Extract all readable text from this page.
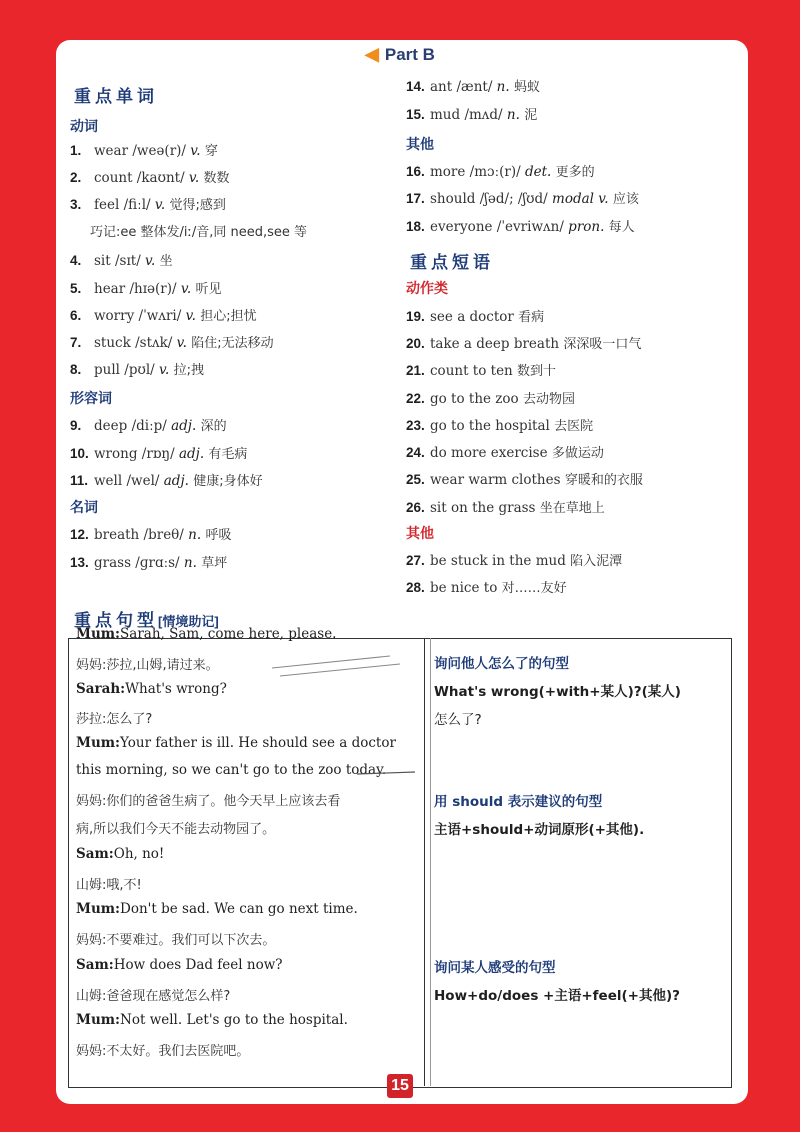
◀ Part B
重点单词
动词
1. wear /weə(r)/ v. 穿
2. count /kaʊnt/ v. 数数
3. feel /fiːl/ v. 觉得;感到
巧记:ee 整体发/iː/音,同 need,see 等
4. sit /sɪt/ v. 坐
5. hear /hɪə(r)/ v. 听见
6. worry /ˈwʌri/ v. 担心;担忧
7. stuck /stʌk/ v. 陷住;无法移动
8. pull /pʊl/ v. 拉;拽
9. deep /diːp/ adj. 深的
10. wrong /rɒŋ/ adj. 有毛病
11. well /wel/ adj. 健康;身体好
12. breath /breθ/ n. 呼吸
13. grass /ɡrɑːs/ n. 草坪
14. ant /ænt/ n. 蚂蚁
15. mud /mʌd/ n. 泥
16. more /mɔː(r)/ det. 更多的
17. should /ʃəd/; /ʃʊd/ modal v. 应该
18. everyone /ˈevriwʌn/ pron. 每人
19. see a doctor 看病
20. take a deep breath 深深吸一口气
21. count to ten 数到十
22. go to the zoo 去动物园
23. go to the hospital 去医院
24. do more exercise 多做运动
25. wear warm clothes 穿暖和的衣服
26. sit on the grass 坐在草地上
27. be stuck in the mud 陷入泥潭
28. be nice to 对……友好
形容词
名词
其他
重点短语
动作类
其他
重点句型[情境助记]
Mum:Sarah, Sam, come here, please.
妈妈:莎拉,山姆,请过来。
Sarah:What's wrong?
莎拉:怎么了?
Mum:Your father is ill. He should see a doctor
this morning, so we can't go to the zoo today.
妈妈:你们的爸爸生病了。他今天早上应该去看
病,所以我们今天不能去动物园了。
Sam:Oh, no!
山姆:哦,不!
Mum:Don't be sad. We can go next time.
妈妈:不要难过。我们可以下次去。
Sam:How does Dad feel now?
山姆:爸爸现在感觉怎么样?
Mum:Not well. Let's go to the hospital.
妈妈:不太好。我们去医院吧。
询问他人怎么了的句型
What's wrong(+with+某人)?(某人)
怎么了?
用 should 表示建议的句型
主语+should+动词原形(+其他).
询问某人感受的句型
How+do/does +主语+feel(+其他)?
15
